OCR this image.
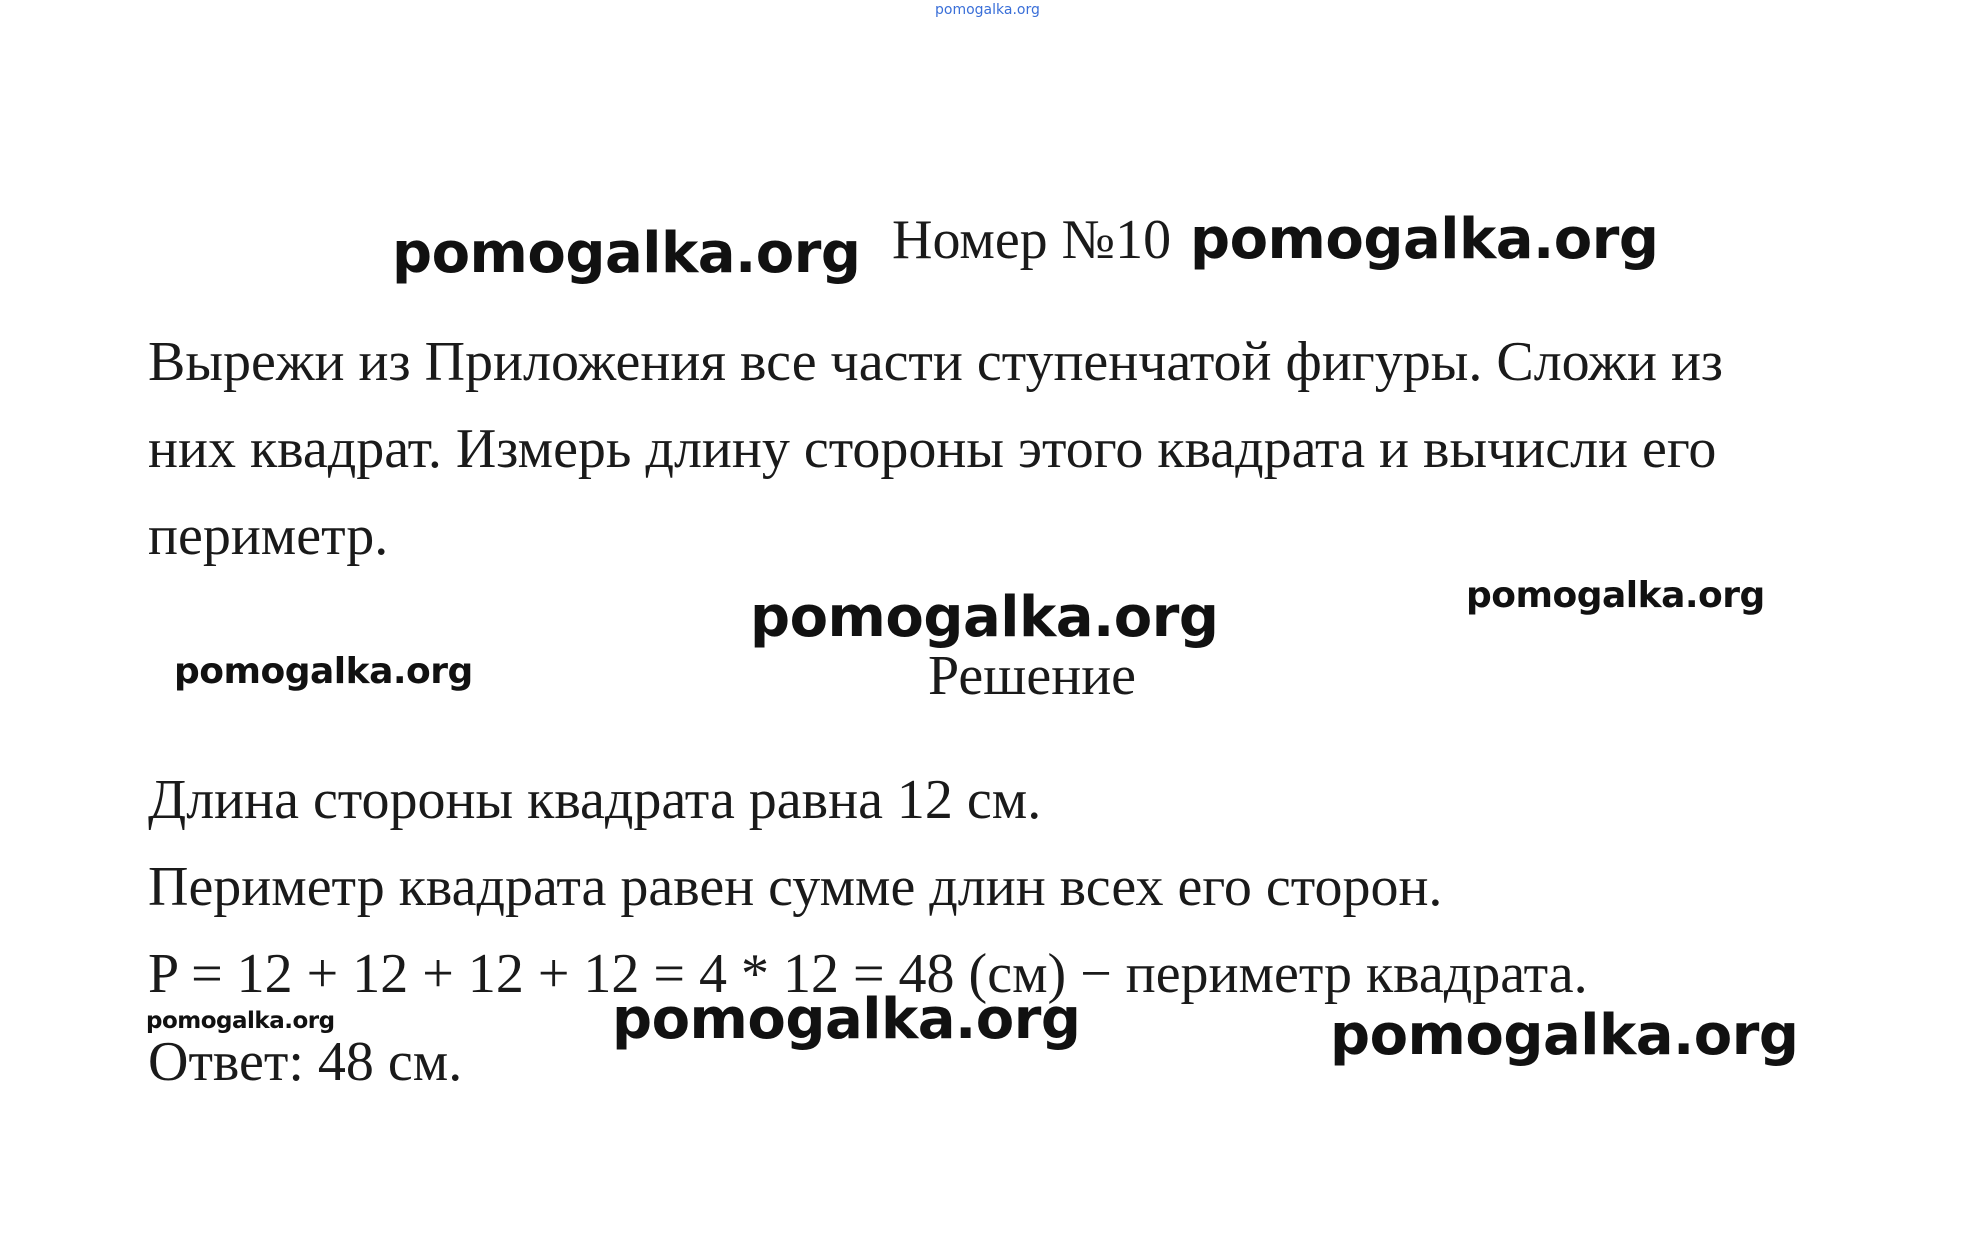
pomogalka.org
pomogalka.org Номер №10 pomogalka.org
Вырежи из Приложения все части ступенчатой фигуры. Сложи из
них квадрат. Измерь длину стороны этого квадрата и вычисли его
периметр.
pomogalka.org	pomogalka.org
pomogalka.org	Решение
Длина стороны квадрата равна 12 см.
Периметр квадрата равен сумме длин всех его сторон.
P = 12 + 12 + 12 + 12 = 4 * 12 = 48 (см) − периметр квадрата.
pomogalka.org	pomogalka.org	pomogalka.org
Ответ: 48 см.
